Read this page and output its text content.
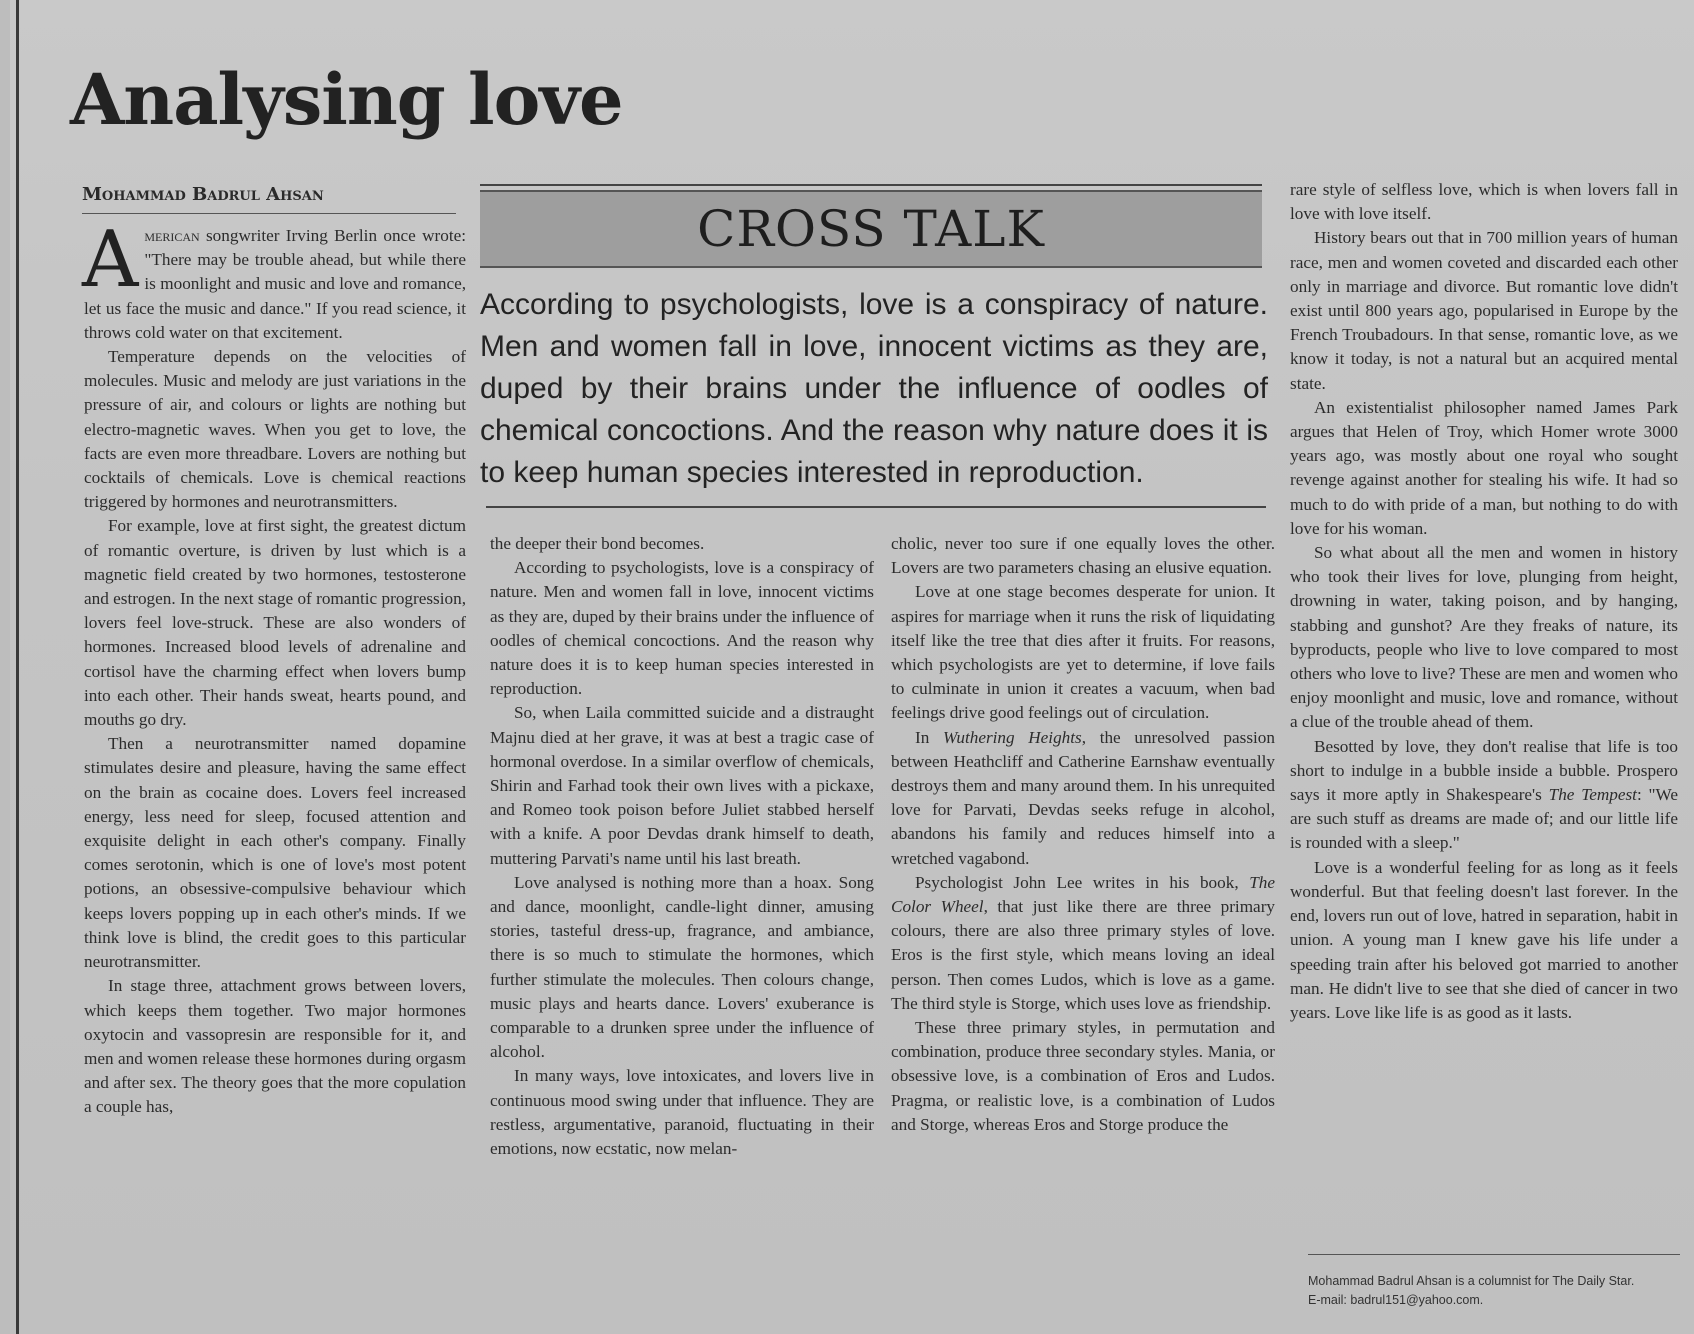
Analysing love
Mohammad Badrul Ahsan

American songwriter Irving Berlin once wrote: "There may be trouble ahead, but while there is moonlight and music and love and romance, let us face the music and dance." If you read science, it throws cold water on that excitement.

Temperature depends on the velocities of molecules. Music and melody are just variations in the pressure of air, and colours or lights are nothing but electro-magnetic waves. When you get to love, the facts are even more threadbare. Lovers are nothing but cocktails of chemicals. Love is chemical reactions triggered by hormones and neurotransmitters.

For example, love at first sight, the greatest dictum of romantic overture, is driven by lust which is a magnetic field created by two hormones, testosterone and estrogen. In the next stage of romantic progression, lovers feel love-struck. These are also wonders of hormones. Increased blood levels of adrenaline and cortisol have the charming effect when lovers bump into each other. Their hands sweat, hearts pound, and mouths go dry.

Then a neurotransmitter named dopamine stimulates desire and pleasure, having the same effect on the brain as cocaine does. Lovers feel increased energy, less need for sleep, focused attention and exquisite delight in each other's company. Finally comes serotonin, which is one of love's most potent potions, an obsessive-compulsive behaviour which keeps lovers popping up in each other's minds. If we think love is blind, the credit goes to this particular neurotransmitter.

In stage three, attachment grows between lovers, which keeps them together. Two major hormones oxytocin and vassopresin are responsible for it, and men and women release these hormones during orgasm and after sex. The theory goes that the more copulation a couple has,

CROSS TALK

According to psychologists, love is a conspiracy of nature. Men and women fall in love, innocent victims as they are, duped by their brains under the influence of oodles of chemical concoctions. And the reason why nature does it is to keep human species interested in reproduction.

the deeper their bond becomes.

According to psychologists, love is a conspiracy of nature. Men and women fall in love, innocent victims as they are, duped by their brains under the influence of oodles of chemical concoctions. And the reason why nature does it is to keep human species interested in reproduction.

So, when Laila committed suicide and a distraught Majnu died at her grave, it was at best a tragic case of hormonal overdose. In a similar overflow of chemicals, Shirin and Farhad took their own lives with a pickaxe, and Romeo took poison before Juliet stabbed herself with a knife. A poor Devdas drank himself to death, muttering Parvati's name until his last breath.

Love analysed is nothing more than a hoax. Song and dance, moonlight, candle-light dinner, amusing stories, tasteful dress-up, fragrance, and ambiance, there is so much to stimulate the hormones, which further stimulate the molecules. Then colours change, music plays and hearts dance. Lovers' exuberance is comparable to a drunken spree under the influence of alcohol.

In many ways, love intoxicates, and lovers live in continuous mood swing under that influence. They are restless, argumentative, paranoid, fluctuating in their emotions, now ecstatic, now melan-

cholic, never too sure if one equally loves the other. Lovers are two parameters chasing an elusive equation.

Love at one stage becomes desperate for union. It aspires for marriage when it runs the risk of liquidating itself like the tree that dies after it fruits. For reasons, which psychologists are yet to determine, if love fails to culminate in union it creates a vacuum, when bad feelings drive good feelings out of circulation.

In Wuthering Heights, the unresolved passion between Heathcliff and Catherine Earnshaw eventually destroys them and many around them. In his unrequited love for Parvati, Devdas seeks refuge in alcohol, abandons his family and reduces himself into a wretched vagabond.

Psychologist John Lee writes in his book, The Color Wheel, that just like there are three primary colours, there are also three primary styles of love. Eros is the first style, which means loving an ideal person. Then comes Ludos, which is love as a game. The third style is Storge, which uses love as friendship.

These three primary styles, in permutation and combination, produce three secondary styles. Mania, or obsessive love, is a combination of Eros and Ludos. Pragma, or realistic love, is a combination of Ludos and Storge, whereas Eros and Storge produce the

rare style of selfless love, which is when lovers fall in love with love itself.

History bears out that in 700 million years of human race, men and women coveted and discarded each other only in marriage and divorce. But romantic love didn't exist until 800 years ago, popularised in Europe by the French Troubadours. In that sense, romantic love, as we know it today, is not a natural but an acquired mental state.

An existentialist philosopher named James Park argues that Helen of Troy, which Homer wrote 3000 years ago, was mostly about one royal who sought revenge against another for stealing his wife. It had so much to do with pride of a man, but nothing to do with love for his woman.

So what about all the men and women in history who took their lives for love, plunging from height, drowning in water, taking poison, and by hanging, stabbing and gunshot? Are they freaks of nature, its byproducts, people who live to love compared to most others who love to live? These are men and women who enjoy moonlight and music, love and romance, without a clue of the trouble ahead of them.

Besotted by love, they don't realise that life is too short to indulge in a bubble inside a bubble. Prospero says it more aptly in Shakespeare's The Tempest: "We are such stuff as dreams are made of; and our little life is rounded with a sleep."

Love is a wonderful feeling for as long as it feels wonderful. But that feeling doesn't last forever. In the end, lovers run out of love, hatred in separation, habit in union. A young man I knew gave his life under a speeding train after his beloved got married to another man. He didn't live to see that she died of cancer in two years. Love like life is as good as it lasts.

Mohammad Badrul Ahsan is a columnist for The Daily Star.
E-mail: badrul151@yahoo.com.
